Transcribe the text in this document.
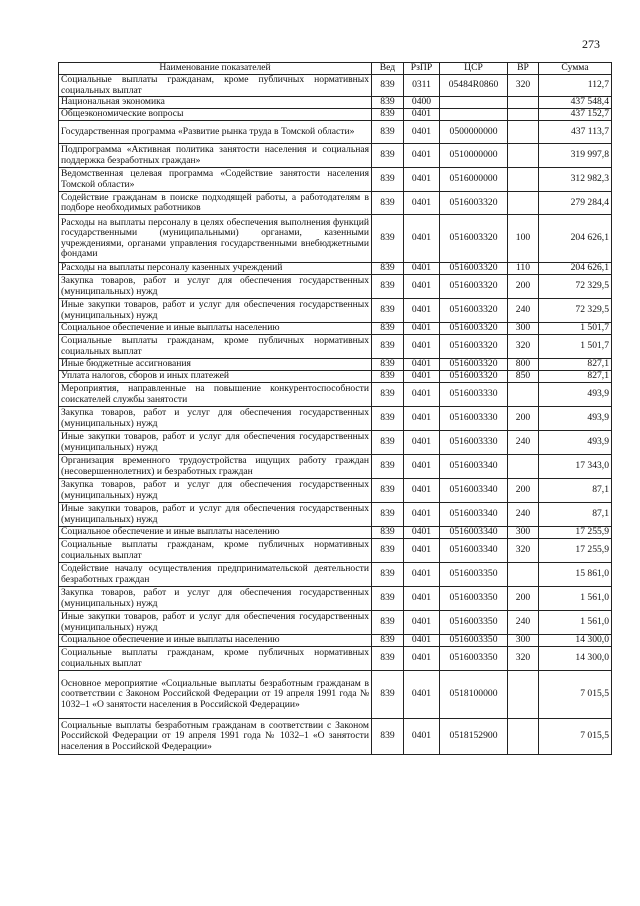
273
Наименование показателей	Вед	РзПР	ЦСР	ВР	Сумма
Социальные выплаты гражданам, кроме публичных нормативных социальных выплат	839	0311	05484R0860	320	112,7
Национальная экономика	839	0400			437 548,4
Общеэкономические вопросы	839	0401			437 152,7
Государственная программа «Развитие рынка труда в Томской области»	839	0401	0500000000		437 113,7
Подпрограмма «Активная политика занятости населения и социальная поддержка безработных граждан»	839	0401	0510000000		319 997,8
Ведомственная целевая программа «Содействие занятости населения Томской области»	839	0401	0516000000		312 982,3
Содействие гражданам в поиске подходящей работы, а работодателям в подборе необходимых работников	839	0401	0516003320		279 284,4
Расходы на выплаты персоналу в целях обеспечения выполнения функций государственными (муниципальными) органами, казенными учреждениями, органами управления государственными внебюджетными фондами	839	0401	0516003320	100	204 626,1
Расходы на выплаты персоналу казенных учреждений	839	0401	0516003320	110	204 626,1
Закупка товаров, работ и услуг для обеспечения государственных (муниципальных) нужд	839	0401	0516003320	200	72 329,5
Иные закупки товаров, работ и услуг для обеспечения государственных (муниципальных) нужд	839	0401	0516003320	240	72 329,5
Социальное обеспечение и иные выплаты населению	839	0401	0516003320	300	1 501,7
Социальные выплаты гражданам, кроме публичных нормативных социальных выплат	839	0401	0516003320	320	1 501,7
Иные бюджетные ассигнования	839	0401	0516003320	800	827,1
Уплата налогов, сборов и иных платежей	839	0401	0516003320	850	827,1
Мероприятия, направленные на повышение конкурентоспособности соискателей службы занятости	839	0401	0516003330		493,9
Закупка товаров, работ и услуг для обеспечения государственных (муниципальных) нужд	839	0401	0516003330	200	493,9
Иные закупки товаров, работ и услуг для обеспечения государственных (муниципальных) нужд	839	0401	0516003330	240	493,9
Организация временного трудоустройства ищущих работу граждан (несовершеннолетних) и безработных граждан	839	0401	0516003340		17 343,0
Закупка товаров, работ и услуг для обеспечения государственных (муниципальных) нужд	839	0401	0516003340	200	87,1
Иные закупки товаров, работ и услуг для обеспечения государственных (муниципальных) нужд	839	0401	0516003340	240	87,1
Социальное обеспечение и иные выплаты населению	839	0401	0516003340	300	17 255,9
Социальные выплаты гражданам, кроме публичных нормативных социальных выплат	839	0401	0516003340	320	17 255,9
Содействие началу осуществления предпринимательской деятельности безработных граждан	839	0401	0516003350		15 861,0
Закупка товаров, работ и услуг для обеспечения государственных (муниципальных) нужд	839	0401	0516003350	200	1 561,0
Иные закупки товаров, работ и услуг для обеспечения государственных (муниципальных) нужд	839	0401	0516003350	240	1 561,0
Социальное обеспечение и иные выплаты населению	839	0401	0516003350	300	14 300,0
Социальные выплаты гражданам, кроме публичных нормативных социальных выплат	839	0401	0516003350	320	14 300,0
Основное мероприятие «Социальные выплаты безработным гражданам в соответствии с Законом Российской Федерации от 19 апреля 1991 года № 1032–1 «О занятости населения в Российской Федерации»	839	0401	0518100000		7 015,5
Социальные выплаты безработным гражданам в соответствии с Законом Российской Федерации от 19 апреля 1991 года № 1032–1 «О занятости населения в Российской Федерации»	839	0401	0518152900		7 015,5
